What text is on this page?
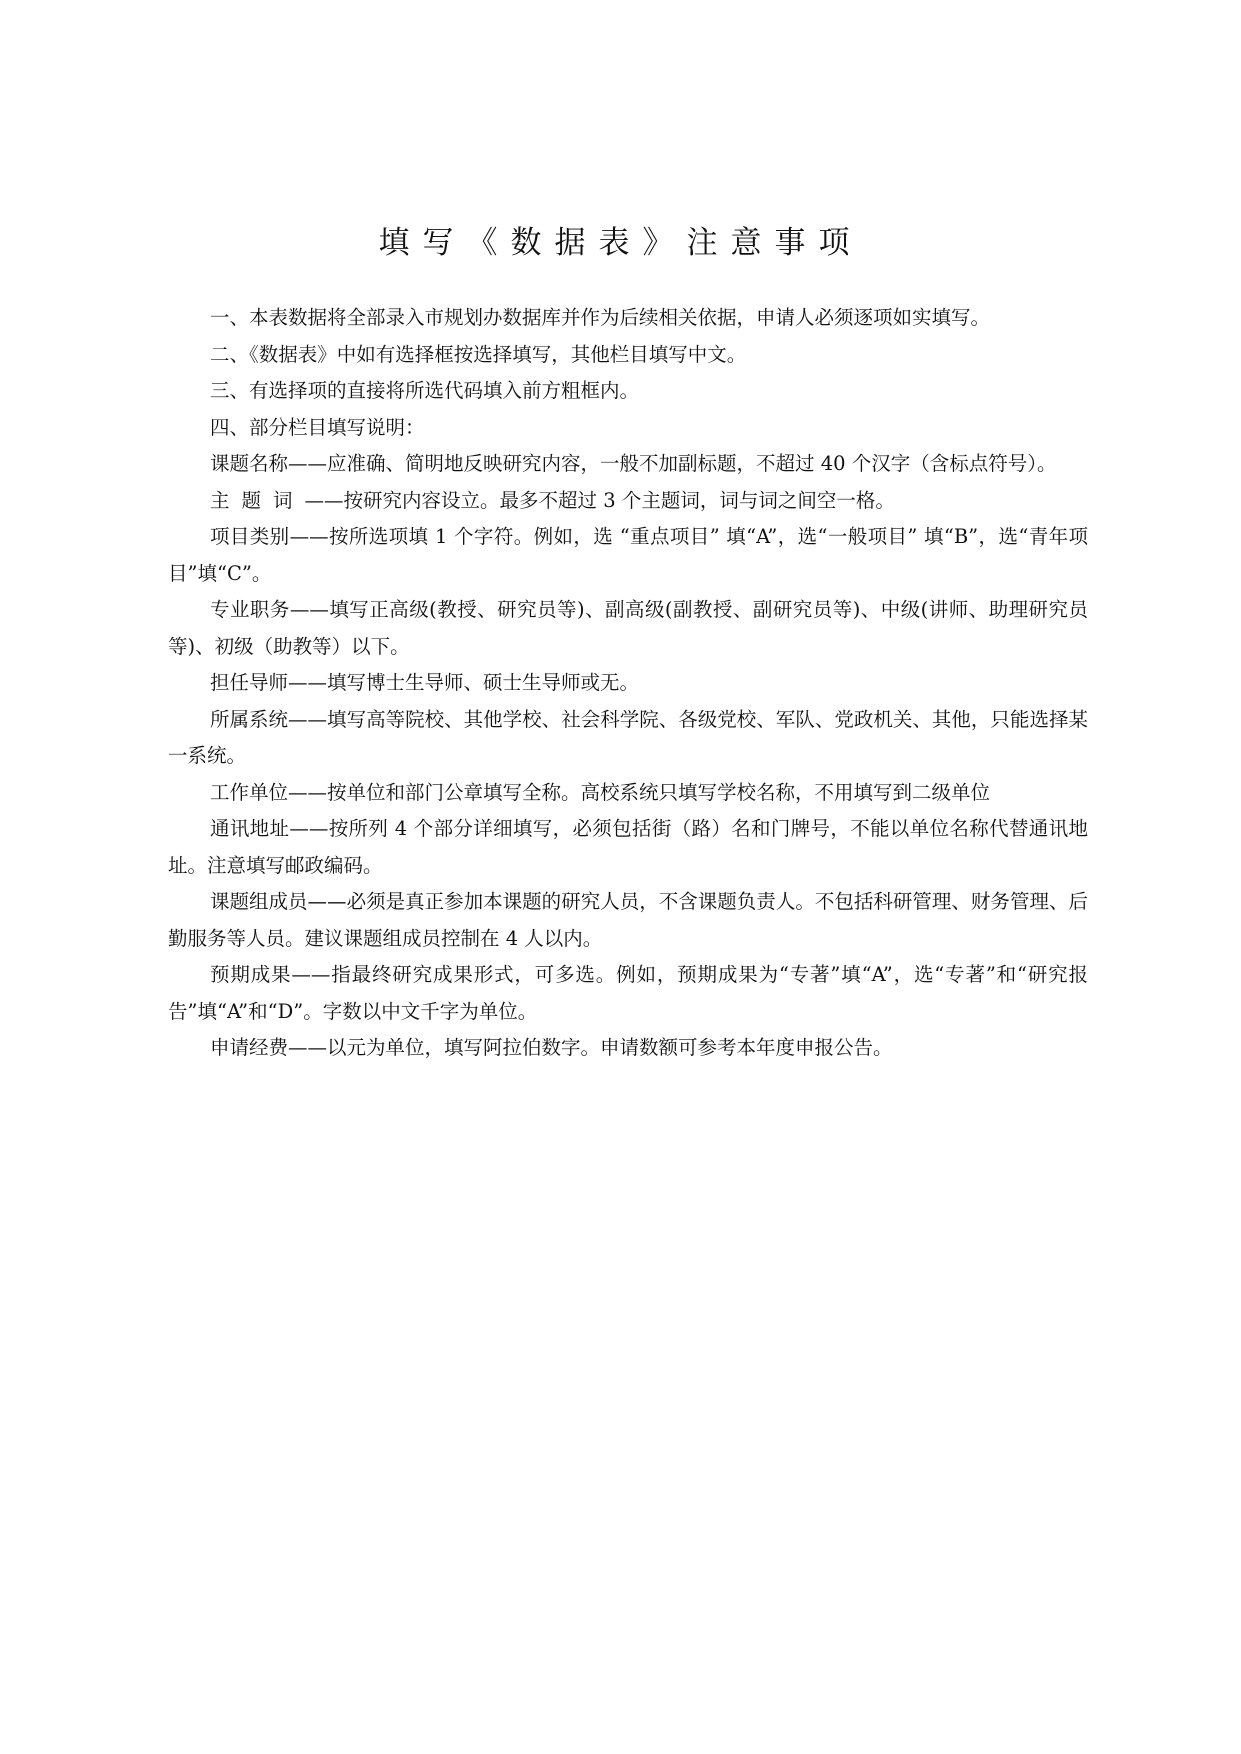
填写《数据表》注意事项

一、本表数据将全部录入市规划办数据库并作为后续相关依据，申请人必须逐项如实填写。

二、《数据表》中如有选择框按选择填写，其他栏目填写中文。

三、有选择项的直接将所选代码填入前方粗框内。

四、部分栏目填写说明：

课题名称——应准确、简明地反映研究内容，一般不加副标题，不超过 40 个汉字（含标点符号）。

主题词——按研究内容设立。最多不超过 3 个主题词，词与词之间空一格。

项目类别——按所选项填 1 个字符。例如，选 “重点项目” 填“A”，选“一般项目” 填“B”，选“青年项目”填“C”。

专业职务——填写正高级(教授、研究员等)、副高级(副教授、副研究员等)、中级(讲师、助理研究员等)、初级（助教等）以下。

担任导师——填写博士生导师、硕士生导师或无。

所属系统——填写高等院校、其他学校、社会科学院、各级党校、军队、党政机关、其他，只能选择某一系统。

工作单位——按单位和部门公章填写全称。高校系统只填写学校名称，不用填写到二级单位

通讯地址——按所列 4 个部分详细填写，必须包括街（路）名和门牌号，不能以单位名称代替通讯地址。注意填写邮政编码。

课题组成员——必须是真正参加本课题的研究人员，不含课题负责人。不包括科研管理、财务管理、后勤服务等人员。建议课题组成员控制在 4 人以内。

预期成果——指最终研究成果形式，可多选。例如，预期成果为“专著”填“A”，选“专著”和“研究报告”填“A”和“D”。字数以中文千字为单位。

申请经费——以元为单位，填写阿拉伯数字。申请数额可参考本年度申报公告。
